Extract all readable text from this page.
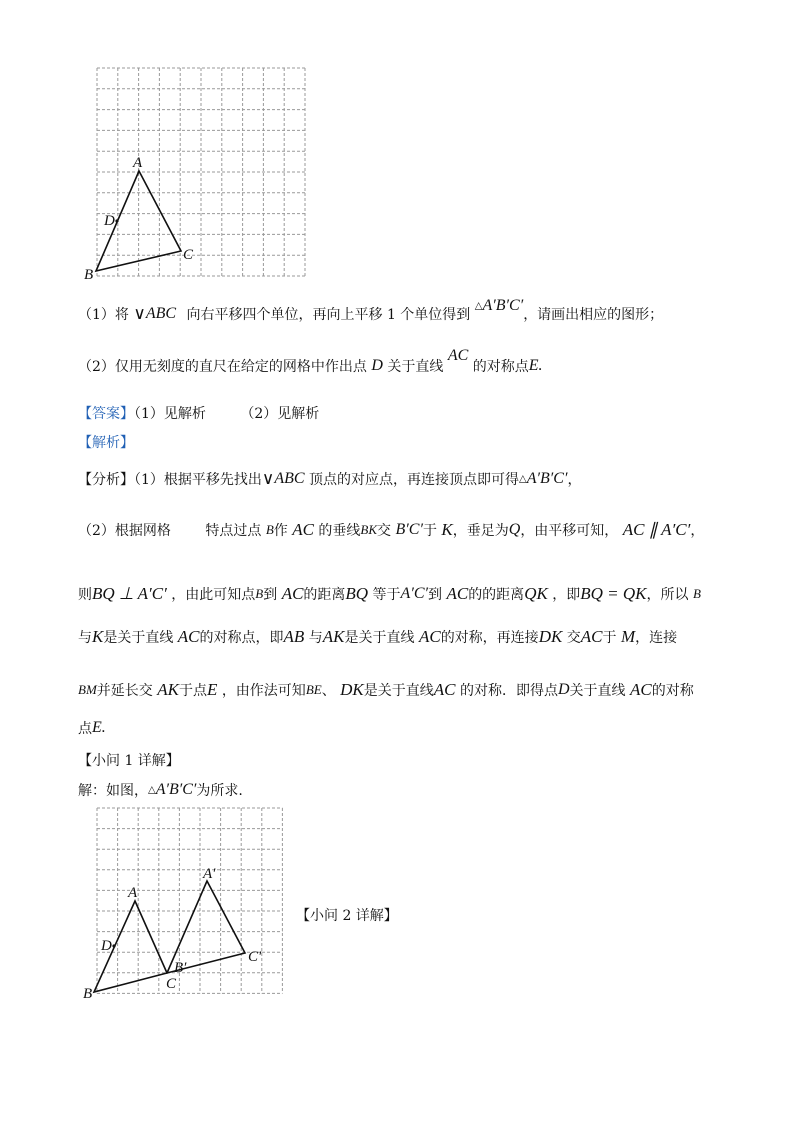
A
B
C
D
（1）将 ∨ABC 向右平移四个单位，再向上平移 1 个单位得到 △A′B′C′，请画出相应的图形；
（2）仅用无刻度的直尺在给定的网格中作出点 D 关于直线 AC 的对称点E.
【答案】（1）见解析 （2）见解析
【解析】
【分析】（1）根据平移先找出∨ABC 顶点的对应点，再连接顶点即可得△A′B′C′，
（2）根据网格 特点过点 B作 AC 的垂线BK交 B′C′于 K，垂足为Q，由平移可知， AC ∥ A′C′，
则BQ ⊥ A′C′ ，由此可知点B到 AC的距离BQ 等于A′C′到 AC的的距离QK ，即BQ = QK，所以 B
与K是关于直线 AC的对称点，即AB 与AK是关于直线 AC的对称，再连接DK 交AC于 M，连接
BM并延长交 AK于点E ，由作法可知BE、 DK是关于直线AC 的对称．即得点D关于直线 AC的对称
点E.
【小问 1 详解】
解：如图，△A′B′C′为所求.
A
B
C
D
A′
B′
C′
【小问 2 详解】
